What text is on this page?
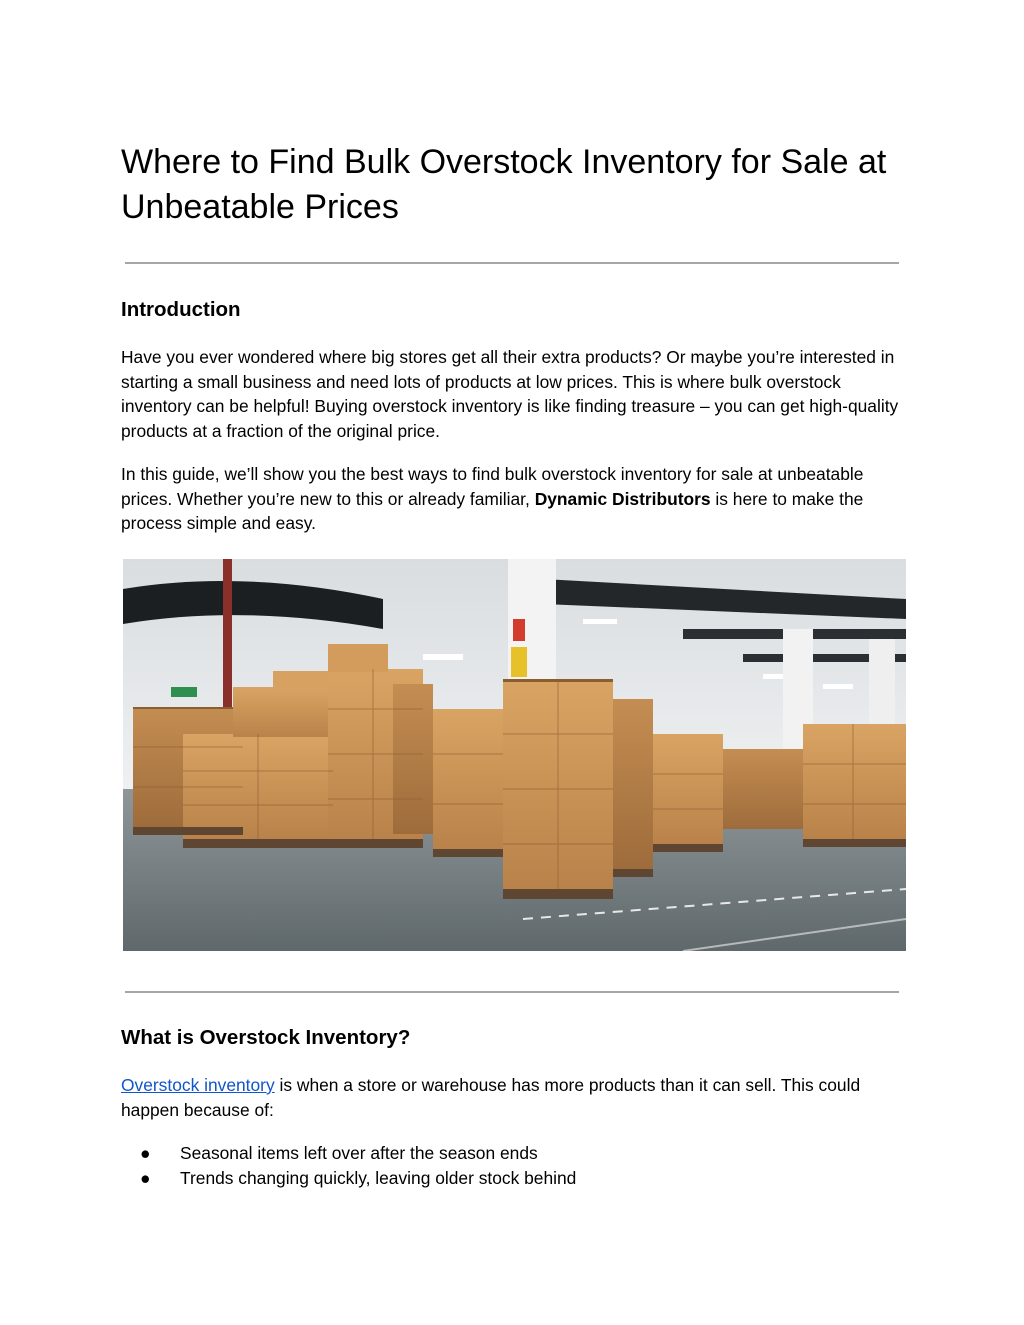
Where to Find Bulk Overstock Inventory for Sale at Unbeatable Prices
Introduction

Have you ever wondered where big stores get all their extra products? Or maybe you’re interested in starting a small business and need lots of products at low prices. This is where bulk overstock inventory can be helpful! Buying overstock inventory is like finding treasure – you can get high-quality products at a fraction of the original price.

In this guide, we’ll show you the best ways to find bulk overstock inventory for sale at unbeatable prices. Whether you’re new to this or already familiar, Dynamic Distributors is here to make the process simple and easy.

What is Overstock Inventory?

Overstock inventory is when a store or warehouse has more products than it can sell. This could happen because of:

● Seasonal items left over after the season ends
● Trends changing quickly, leaving older stock behind
